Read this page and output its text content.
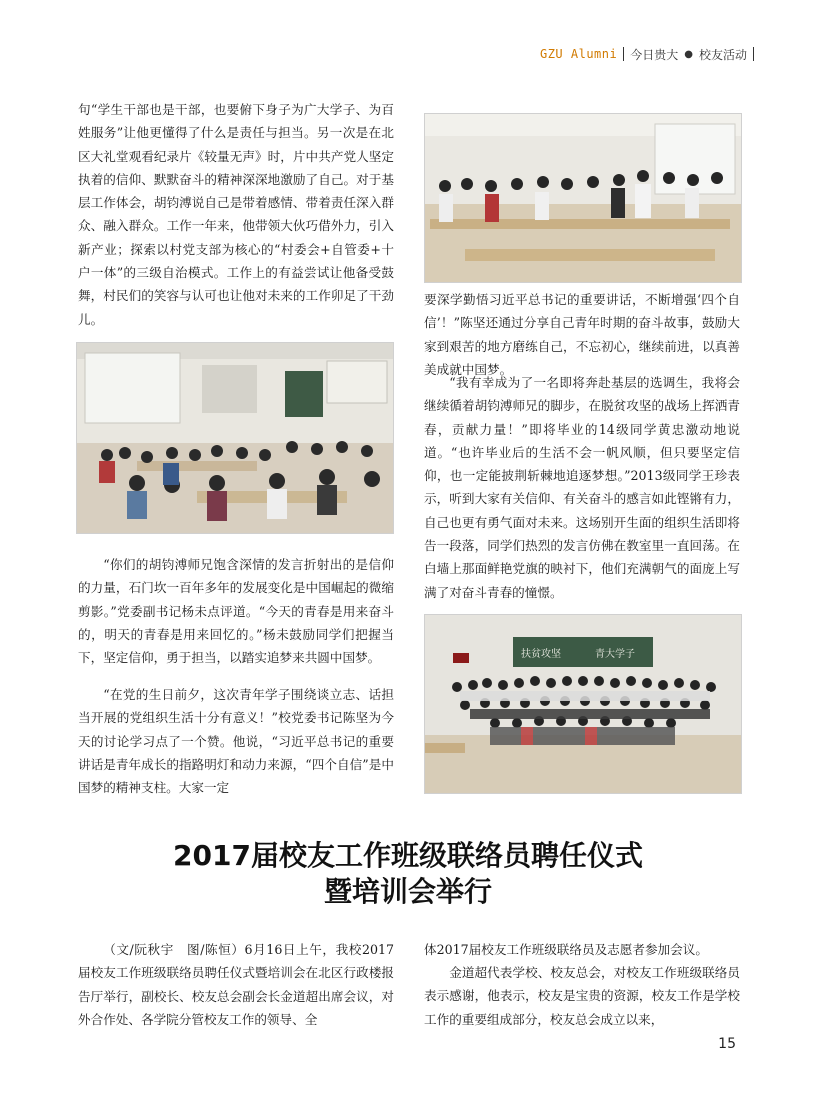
GZU Alumni 今日贵大 ● 校友活动

句“学生干部也是干部，也要俯下身子为广大学子、为百姓服务”让他更懂得了什么是责任与担当。另一次是在北区大礼堂观看纪录片《较量无声》时，片中共产党人坚定执着的信仰、默默奋斗的精神深深地激励了自己。对于基层工作体会，胡钧溥说自己是带着感情、带着责任深入群众、融入群众。工作一年来，他带领大伙巧借外力，引入新产业；探索以村党支部为核心的“村委会+自管委+十户一体”的三级自治模式。工作上的有益尝试让他备受鼓舞，村民们的笑容与认可也让他对未来的工作卯足了干劲儿。

“你们的胡钧溥师兄饱含深情的发言折射出的是信仰的力量，石门坎一百年多年的发展变化是中国崛起的微缩剪影。”党委副书记杨未点评道。“今天的青春是用来奋斗的，明天的青春是用来回忆的。”杨未鼓励同学们把握当下，坚定信仰，勇于担当，以踏实追梦来共圆中国梦。

“在党的生日前夕，这次青年学子围绕谈立志、话担当开展的党组织生活十分有意义！”校党委书记陈坚为今天的讨论学习点了一个赞。他说，“习近平总书记的重要讲话是青年成长的指路明灯和动力来源，“四个自信”是中国梦的精神支柱。大家一定

要深学勤悟习近平总书记的重要讲话，不断增强‘四个自信’！”陈坚还通过分享自己青年时期的奋斗故事，鼓励大家到艰苦的地方磨练自己，不忘初心，继续前进，以真善美成就中国梦。

“我有幸成为了一名即将奔赴基层的选调生，我将会继续循着胡钧溥师兄的脚步，在脱贫攻坚的战场上挥洒青春，贡献力量！”即将毕业的14级同学黄忠激动地说道。“也许毕业后的生活不会一帆风顺，但只要坚定信仰，也一定能披荆斩棘地追逐梦想。”2013级同学王珍表示，听到大家有关信仰、有关奋斗的感言如此铿锵有力，自己也更有勇气面对未来。这场别开生面的组织生活即将告一段落，同学们热烈的发言仿佛在教室里一直回荡。在白墙上那面鲜艳党旗的映衬下，他们充满朝气的面庞上写满了对奋斗青春的憧憬。

扶贫攻坚	青大学子
2017届校友工作班级联络员聘任仪式
暨培训会举行

（文/阮秋宇　图/陈恒）6月16日上午，我校2017届校友工作班级联络员聘任仪式暨培训会在北区行政楼报告厅举行，副校长、校友总会副会长金道超出席会议，对外合作处、各学院分管校友工作的领导、全

体2017届校友工作班级联络员及志愿者参加会议。

金道超代表学校、校友总会，对校友工作班级联络员表示感谢，他表示，校友是宝贵的资源，校友工作是学校工作的重要组成部分，校友总会成立以来，

15
